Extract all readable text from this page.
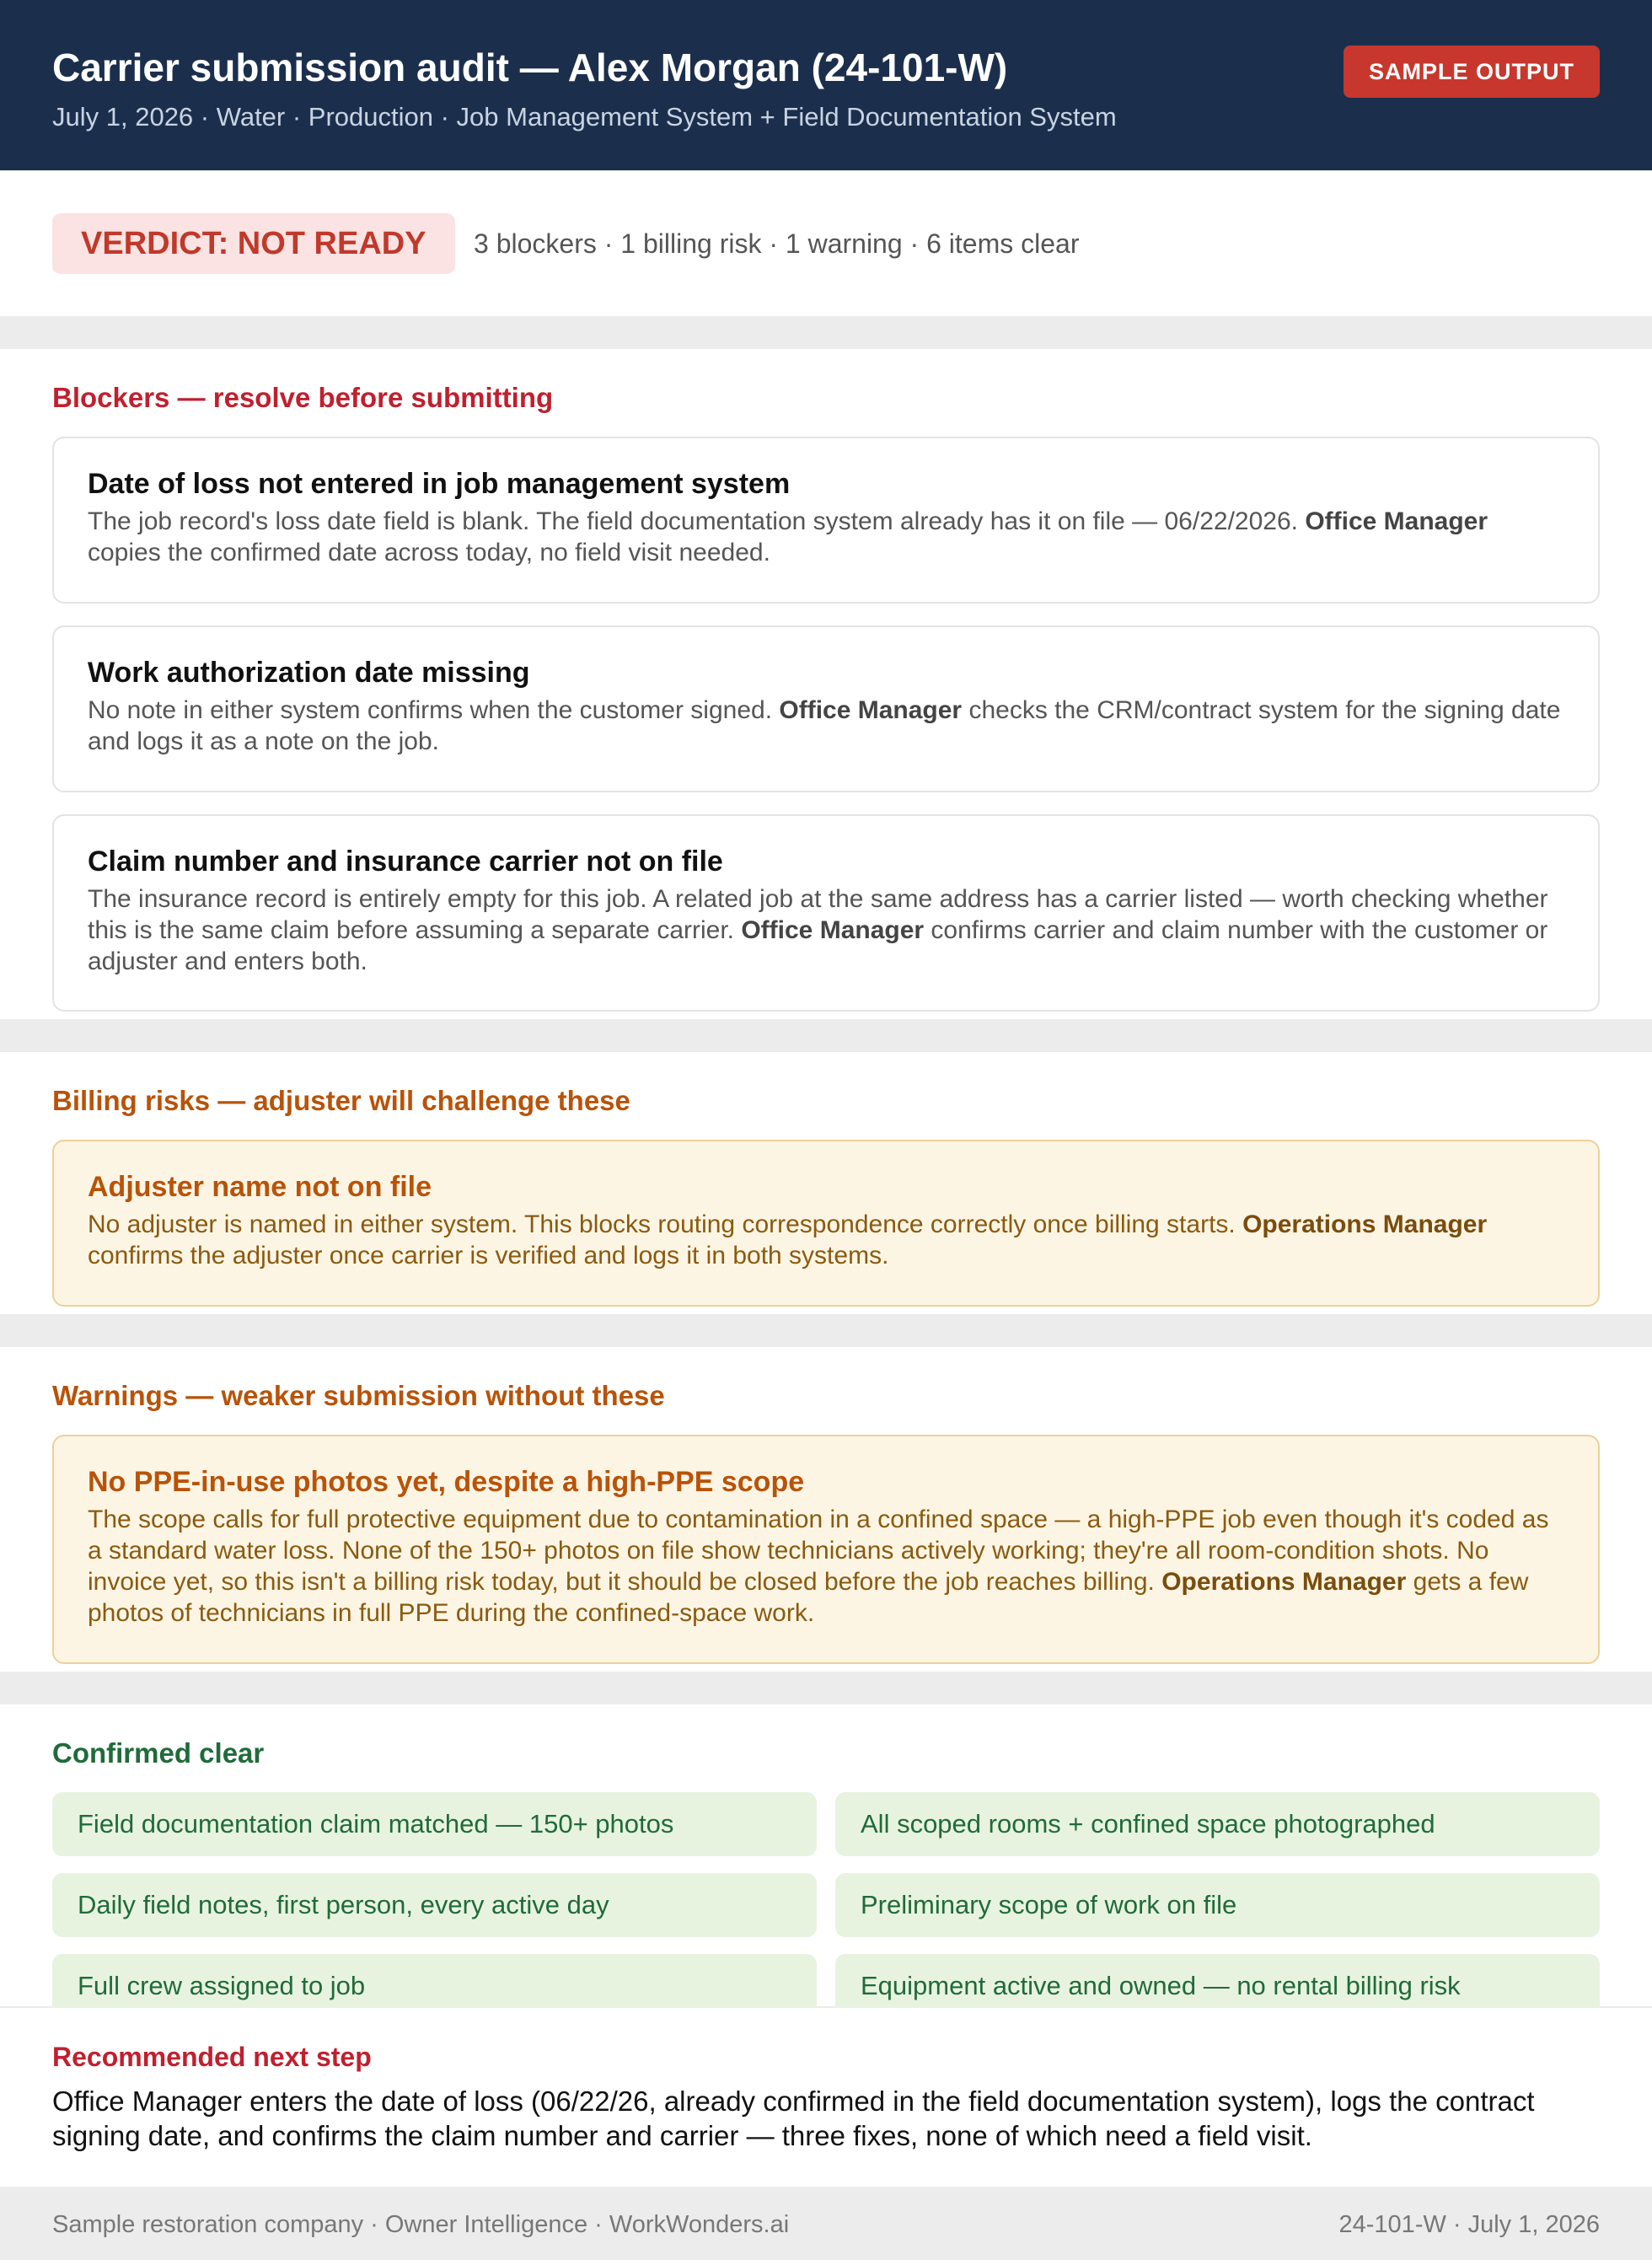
Carrier submission audit — Alex Morgan (24-101-W)
July 1, 2026 · Water · Production · Job Management System + Field Documentation System
SAMPLE OUTPUT
VERDICT: NOT READY	3 blockers · 1 billing risk · 1 warning · 6 items clear
Blockers — resolve before submitting
Date of loss not entered in job management system
The job record's loss date field is blank. The field documentation system already has it on file — 06/22/2026. Office Manager copies the confirmed date across today, no field visit needed.
Work authorization date missing
No note in either system confirms when the customer signed. Office Manager checks the CRM/contract system for the signing date and logs it as a note on the job.
Claim number and insurance carrier not on file
The insurance record is entirely empty for this job. A related job at the same address has a carrier listed — worth checking whether this is the same claim before assuming a separate carrier. Office Manager confirms carrier and claim number with the customer or adjuster and enters both.
Billing risks — adjuster will challenge these
Adjuster name not on file
No adjuster is named in either system. This blocks routing correspondence correctly once billing starts. Operations Manager confirms the adjuster once carrier is verified and logs it in both systems.
Warnings — weaker submission without these
No PPE-in-use photos yet, despite a high-PPE scope
The scope calls for full protective equipment due to contamination in a confined space — a high-PPE job even though it's coded as a standard water loss. None of the 150+ photos on file show technicians actively working; they're all room-condition shots. No invoice yet, so this isn't a billing risk today, but it should be closed before the job reaches billing. Operations Manager gets a few photos of technicians in full PPE during the confined-space work.
Confirmed clear
Field documentation claim matched — 150+ photos	All scoped rooms + confined space photographed
Daily field notes, first person, every active day	Preliminary scope of work on file
Full crew assigned to job	Equipment active and owned — no rental billing risk
Recommended next step
Office Manager enters the date of loss (06/22/26, already confirmed in the field documentation system), logs the contract signing date, and confirms the claim number and carrier — three fixes, none of which need a field visit.
Sample restoration company · Owner Intelligence · WorkWonders.ai	24-101-W · July 1, 2026
